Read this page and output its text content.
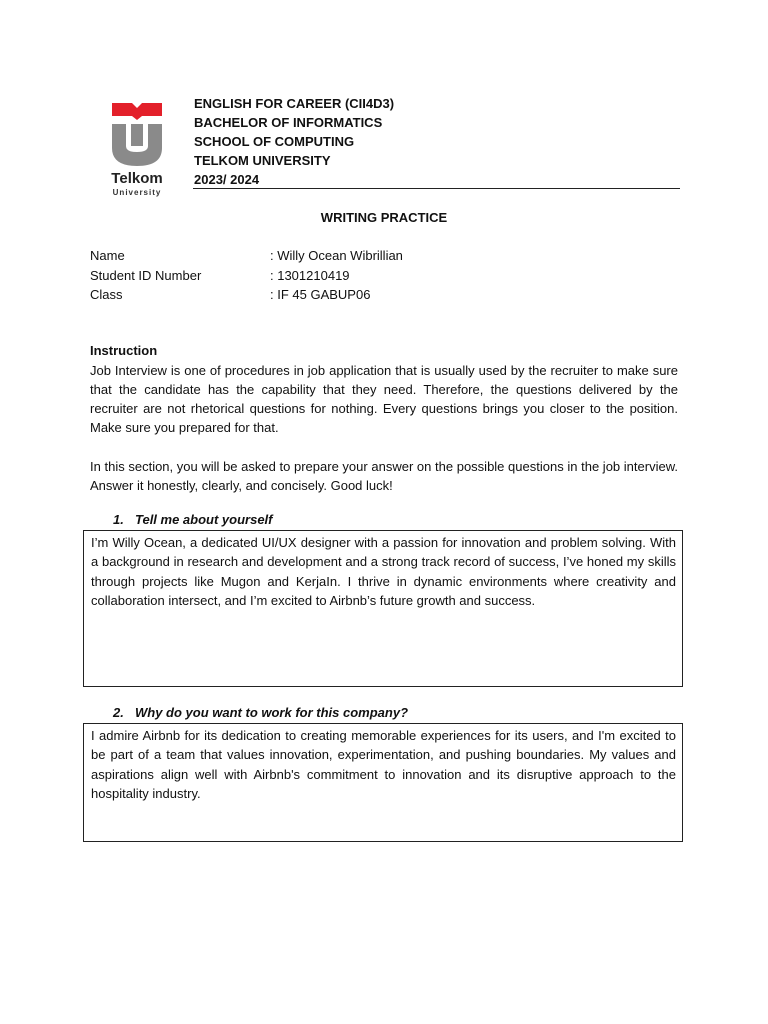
Telkom
University
ENGLISH FOR CAREER (CII4D3)
BACHELOR OF INFORMATICS
SCHOOL OF COMPUTING
TELKOM UNIVERSITY
2023/ 2024
WRITING PRACTICE
Name	: Willy Ocean Wibrillian
Student ID Number	: 1301210419
Class	: IF 45 GABUP06
Instruction

Job Interview is one of procedures in job application that is usually used by the recruiter to make sure that the candidate has the capability that they need. Therefore, the questions delivered by the recruiter are not rhetorical questions for nothing. Every questions brings you closer to the position. Make sure you prepared for that.

In this section, you will be asked to prepare your answer on the possible questions in the job interview. Answer it honestly, clearly, and concisely. Good luck!

1. Tell me about yourself

I’m Willy Ocean, a dedicated UI/UX designer with a passion for innovation and problem solving. With a background in research and development and a strong track record of success, I’ve honed my skills through projects like Mugon and KerjaIn. I thrive in dynamic environments where creativity and collaboration intersect, and I’m excited to Airbnb’s future growth and success.

2. Why do you want to work for this company?

I admire Airbnb for its dedication to creating memorable experiences for its users, and I'm excited to be part of a team that values innovation, experimentation, and pushing boundaries. My values and aspirations align well with Airbnb's commitment to innovation and its disruptive approach to the hospitality industry.
